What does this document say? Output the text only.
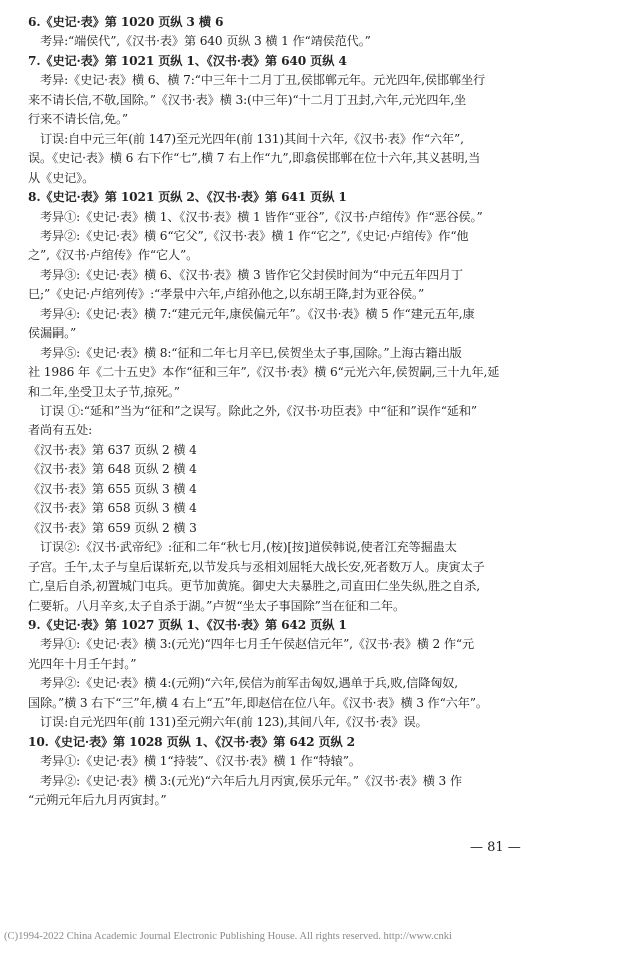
6.《史记·表》第 1020 页纵 3 横 6
考异:“端侯代”,《汉书·表》第 640 页纵 3 横 1 作“靖侯范代。”
7.《史记·表》第 1021 页纵 1、《汉书·表》第 640 页纵 4
考异:《史记·表》横 6、横 7:“中三年十二月丁丑,侯邯郸元年。元光四年,侯邯郸坐行
来不请长信,不敬,国除。”《汉书·表》横 3:(中三年)“十二月丁丑封,六年,元光四年,坐
行来不请长信,免。”
订误:自中元三年(前 147)至元光四年(前 131)其间十六年,《汉书·表》作“六年”,
误。《史记·表》横 6 右下作“七”,横 7 右上作“九”,即翕侯邯郸在位十六年,其义甚明,当
从《史记》。
8.《史记·表》第 1021 页纵 2、《汉书·表》第 641 页纵 1
考异①:《史记·表》横 1、《汉书·表》横 1 皆作“亚谷”,《汉书·卢绾传》作“恶谷侯。”
考异②:《史记·表》横 6“它父”,《汉书·表》横 1 作“它之”,《史记·卢绾传》作“他
之”,《汉书·卢绾传》作“它人”。
考异③:《史记·表》横 6、《汉书·表》横 3 皆作它父封侯时间为“中元五年四月丁
巳;”《史记·卢绾列传》:“孝景中六年,卢绾孙他之,以东胡王降,封为亚谷侯。”
考异④:《史记·表》横 7:“建元元年,康侯偏元年”。《汉书·表》横 5 作“建元五年,康
侯漏嗣。”
考异⑤:《史记·表》横 8:“征和二年七月辛巳,侯贺坐太子事,国除。”上海古籍出版
社 1986 年《二十五史》本作“征和三年”,《汉书·表》横 6“元光六年,侯贺嗣,三十九年,延
和二年,坐受卫太子节,掠死。”
订误 ①:“延和”当为“征和”之误写。除此之外,《汉书·功臣表》中“征和”误作“延和”
者尚有五处:
《汉书·表》第 637 页纵 2 横 4
《汉书·表》第 648 页纵 2 横 4
《汉书·表》第 655 页纵 3 横 4
《汉书·表》第 658 页纵 3 横 4
《汉书·表》第 659 页纵 2 横 3
订误②:《汉书·武帝纪》:征和二年“秋七月,(桉)[按]道侯韩说,使者江充等掘蛊太
子宫。壬午,太子与皇后谋斩充,以节发兵与丞相刘屈牦大战长安,死者数万人。庚寅太子
亡,皇后自杀,初置城门屯兵。更节加黄旄。御史大夫暴胜之,司直田仁坐失纵,胜之自杀,
仁要斩。八月辛亥,太子自杀于湖。”卢贺“坐太子事国除”当在征和二年。
9.《史记·表》第 1027 页纵 1、《汉书·表》第 642 页纵 1
考异①:《史记·表》横 3:(元光)“四年七月壬午侯赵信元年”,《汉书·表》横 2 作“元
光四年十月壬午封。”
考异②:《史记·表》横 4:(元朔)“六年,侯信为前军击匈奴,遇单于兵,败,信降匈奴,
国除。”横 3 右下“三”年,横 4 右上“五”年,即赵信在位八年。《汉书·表》横 3 作“六年”。
订误:自元光四年(前 131)至元朔六年(前 123),其间八年,《汉书·表》误。
10.《史记·表》第 1028 页纵 1、《汉书·表》第 642 页纵 2
考异①:《史记·表》横 1“持装”、《汉书·表》横 1 作“特辕”。
考异②:《史记·表》横 3:(元光)“六年后九月丙寅,侯乐元年。”《汉书·表》横 3 作
“元朔元年后九月丙寅封。”
— 81 —
(C)1994-2022 China Academic Journal Electronic Publishing House. All rights reserved. http://www.cnki
